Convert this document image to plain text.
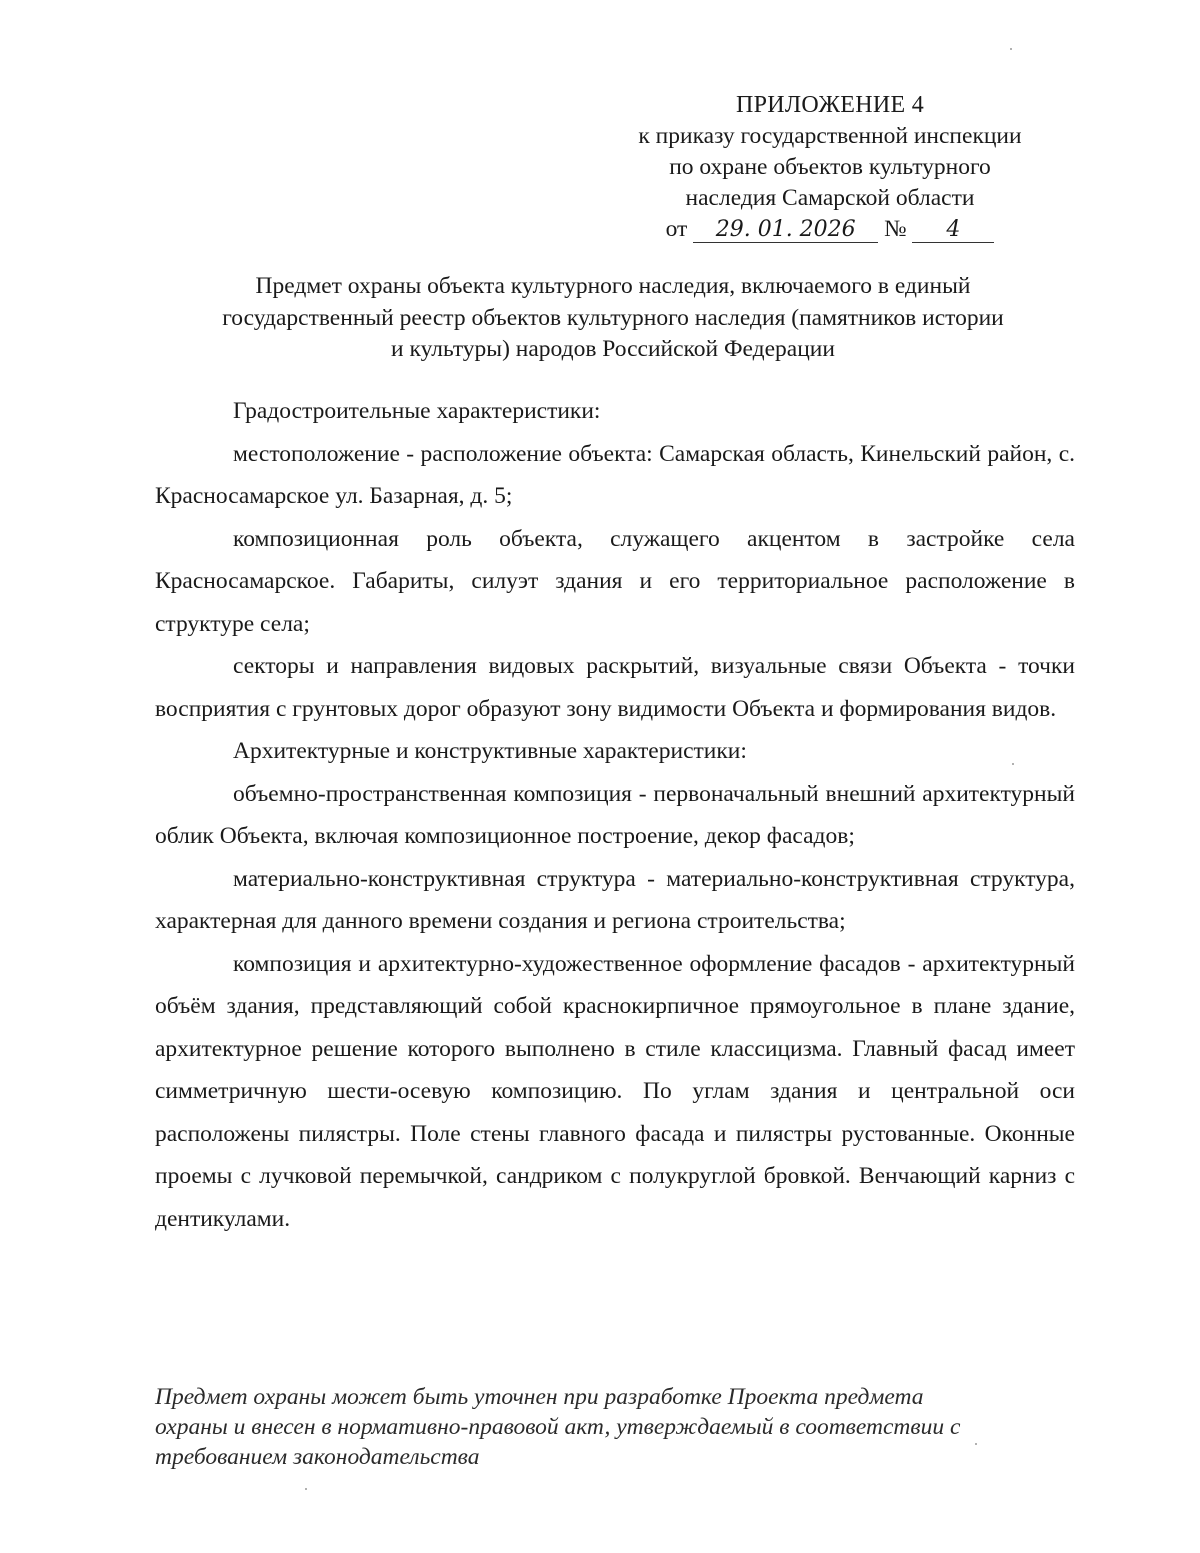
ПРИЛОЖЕНИЕ 4
к приказу государственной инспекции
по охране объектов культурного
наследия Самарской области
от 29. 01. 2026 № 4
Предмет охраны объекта культурного наследия, включаемого в единый
государственный реестр объектов культурного наследия (памятников истории
и культуры) народов Российской Федерации

Градостроительные характеристики:

местоположение - расположение объекта: Самарская область, Кинельский район, с. Красносамарское ул. Базарная, д. 5;

композиционная роль объекта, служащего акцентом в застройке села Красносамарское. Габариты, силуэт здания и его территориальное расположение в структуре села;

секторы и направления видовых раскрытий, визуальные связи Объекта - точки восприятия с грунтовых дорог образуют зону видимости Объекта и формирования видов.

Архитектурные и конструктивные характеристики:

объемно-пространственная композиция - первоначальный внешний архитектурный облик Объекта, включая композиционное построение, декор фасадов;

материально-конструктивная структура - материально-конструктивная структура, характерная для данного времени создания и региона строительства;

композиция и архитектурно-художественное оформление фасадов - архитектурный объём здания, представляющий собой краснокирпичное прямоугольное в плане здание, архитектурное решение которого выполнено в стиле классицизма. Главный фасад имеет симметричную шести-осевую композицию. По углам здания и центральной оси расположены пилястры. Поле стены главного фасада и пилястры рустованные. Оконные проемы с лучковой перемычкой, сандриком с полукруглой бровкой. Венчающий карниз с дентикулами.

Предмет охраны может быть уточнен при разработке Проекта предмета
охраны и внесен в нормативно-правовой акт, утверждаемый в соответствии с
требованием законодательства
